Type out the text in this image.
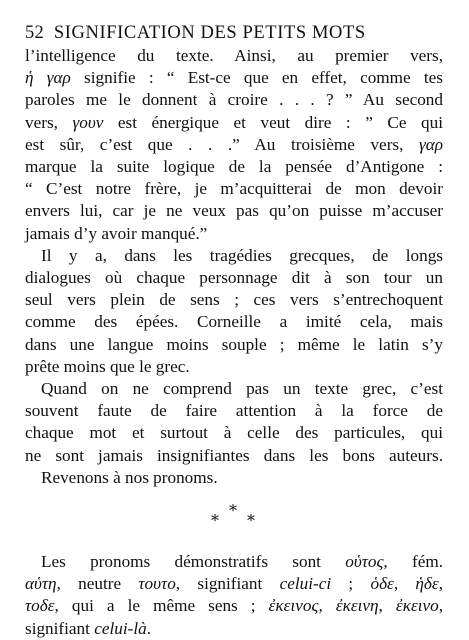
52 SIGNIFICATION DES PETITS MOTS
l’intelligence du texte. Ainsi, au premier vers,
ἡ γαρ signifie : “ Est-ce que en effet, comme tes
paroles me le donnent à croire . . . ? ” Au second
vers, γουν est énergique et veut dire : ” Ce qui
est sûr, c’est que . . .” Au troisième vers, γαρ
marque la suite logique de la pensée d’Antigone :
“ C’est notre frère, je m’acquitterai de mon devoir
envers lui, car je ne veux pas qu’on puisse m’accuser
jamais d’y avoir manqué.”
Il y a, dans les tragédies grecques, de longs
dialogues où chaque personnage dit à son tour un
seul vers plein de sens ; ces vers s’entrechoquent
comme des épées. Corneille a imité cela, mais
dans une langue moins souple ; même le latin s’y
prête moins que le grec.
Quand on ne comprend pas un texte grec, c’est
souvent faute de faire attention à la force de
chaque mot et surtout à celle des particules, qui
ne sont jamais insignifiantes dans les bons auteurs.
Revenons à nos pronoms.
*
*
*
Les pronoms démonstratifs sont οὑτος, fém.
αὑτη, neutre τουτο, signifiant celui-ci ; ὁδε, ἡδε,
τοδε, qui a le même sens ; ἐκεινος, ἐκεινη, ἐκεινο,
signifiant celui-là.
